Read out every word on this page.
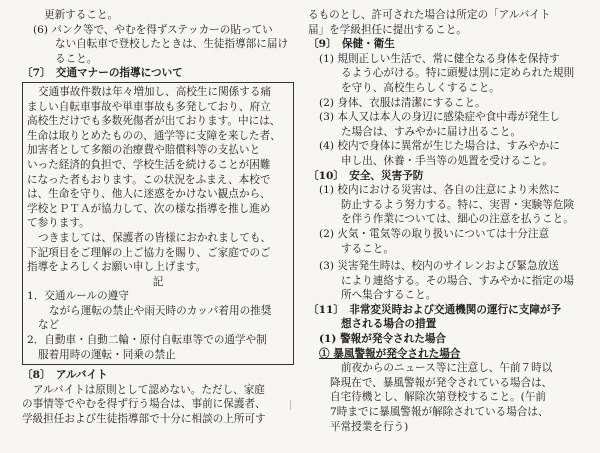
更新すること。
(6) パンク等で、やむを得ずステッカーの貼ってい
ない自転車で登校したときは、生徒指導部に届け
ること。
〔7〕　交通マナーの指導について
交通事故件数は年々増加し、高校生に関係する痛
ましい自転車事故や単車事故も多発しており、府立
高校生だけでも多数死傷者が出ております。中には、
生命は取りとめたものの、通学等に支障を来した者、
加害者として多額の治療費や賠償料等の支払いと
いった経済的負担で、学校生活を続けることが困難
になった者もおります。この状況をふまえ、本校で
は、生命を守り、他人に迷惑をかけない観点から、
学校とＰＴＡが協力して、次の様な指導を推し進め
て参ります。
つきましては、保護者の皆様におかれましても、
下記項目をご理解の上ご協力を賜り、ご家庭でのご
指導をよろしくお願い申し上げます。
記
1．交通ルールの遵守
ながら運転の禁止や雨天時のカッパ着用の推奨
など
2．自動車・自動二輪・原付自転車等での通学や制
服着用時の運転・同乗の禁止
〔8〕　アルバイト
アルバイトは原則として認めない。ただし、家庭
の事情等でやむを得ず行う場合は、事前に保護者、
学級担任および生徒指導部で十分に相談の上所可す
るものとし、許可された場合は所定の「アルバイト
届」を学級担任に提出すること。
〔9〕　保健・衛生
(1) 規則正しい生活で、常に健全なる身体を保持す
るよう心がける。特に頭髪は別に定められた規則
を守り、高校生らしくすること。
(2) 身体、衣服は清潔にすること。
(3) 本人又は本人の身辺に感染症や食中毒が発生し
た場合は、すみやかに届け出ること。
(4) 校内で身体に異常が生じた場合は、すみやかに
申し出、休養・手当等の処置を受けること。
〔10〕　安全、災害予防
(1) 校内における災害は、各自の注意により未然に
防止するよう努力する。特に、実習・実験等危険
を伴う作業については、細心の注意を払うこと。
(2) 火気・電気等の取り扱いについては十分注意
すること。
(3) 災害発生時は、校内のサイレンおよび緊急放送
により連絡する。その場合、すみやかに指定の場
所へ集合すること。
〔11〕　非常変災時および交通機関の運行に支障が予
想される場合の措置
(1) 警報が発令された場合
① 暴風警報が発令された場合
前夜からのニュース等に注意し、午前７時以
降現在で、暴風警報が発令されている場合は、
自宅待機とし、解除次第登校すること。(午前
7時までに暴風警報が解除されている場合は、
平常授業を行う)
